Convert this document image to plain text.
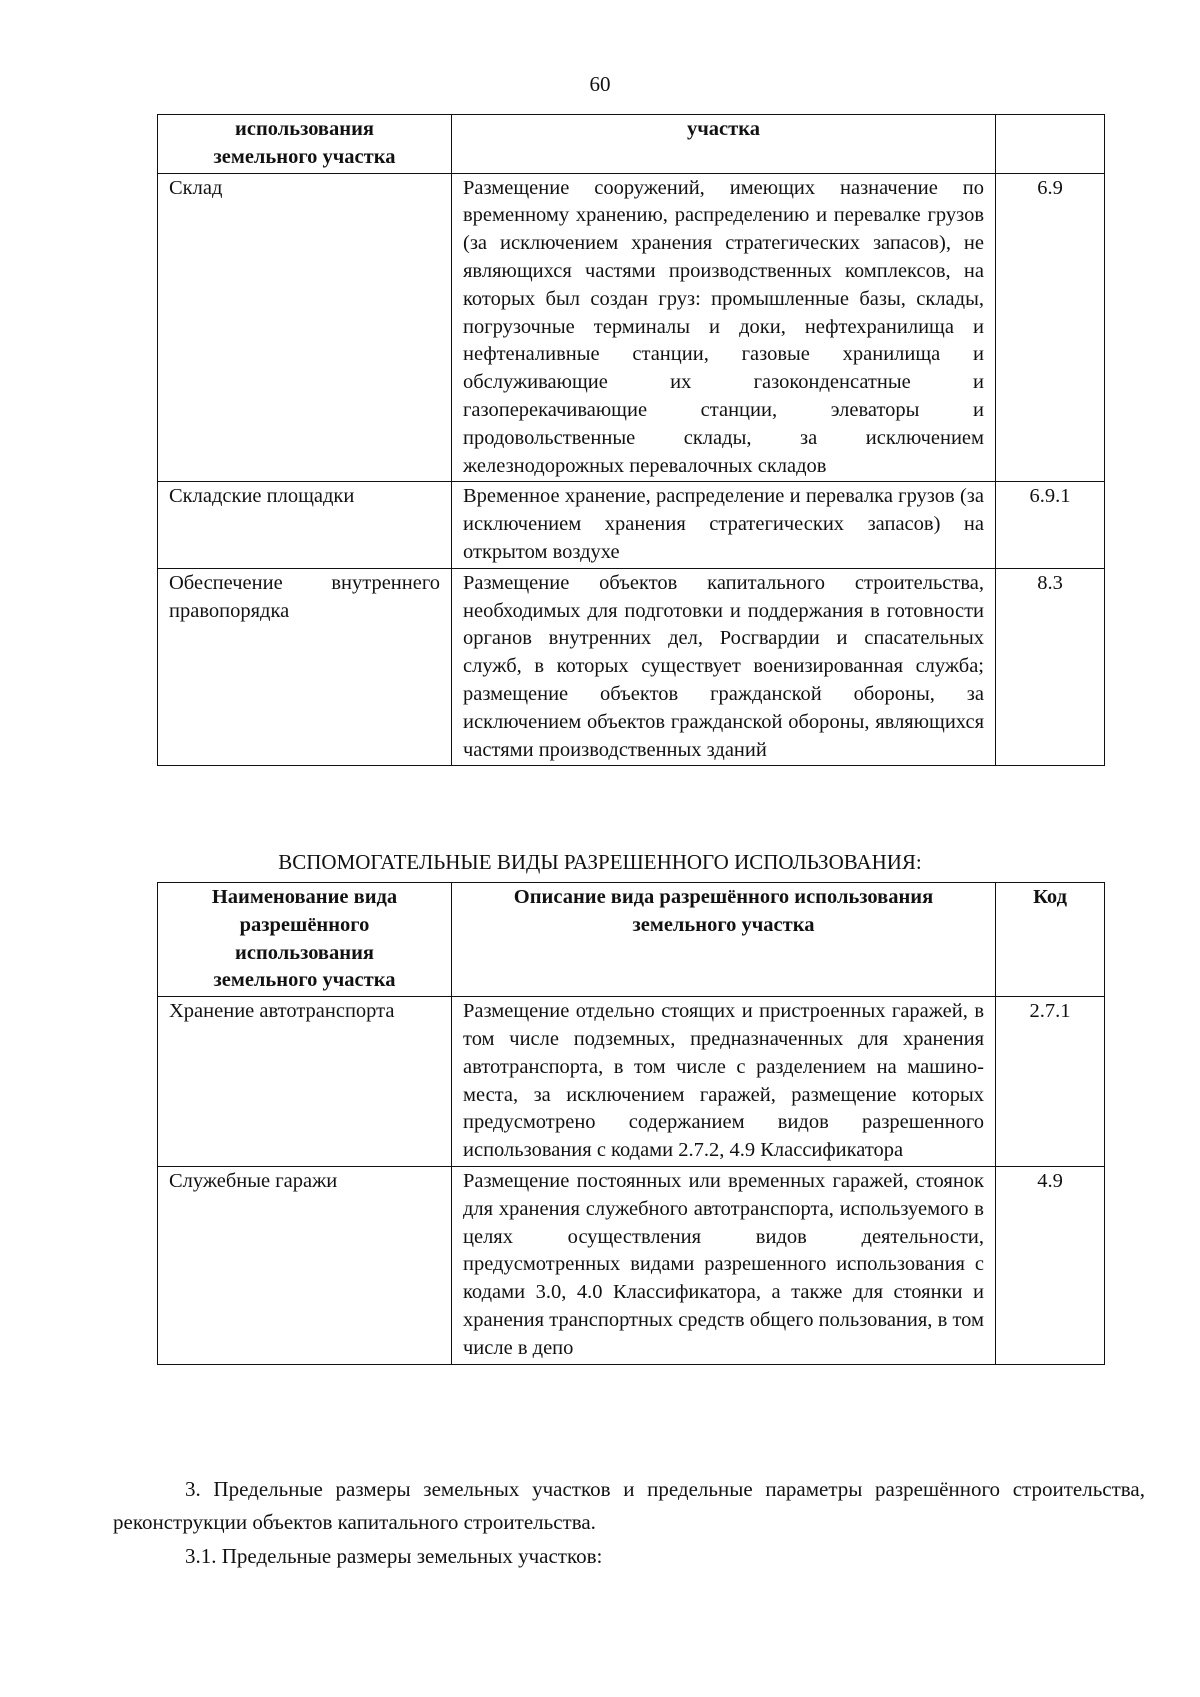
60
использования земельного участка	участка	
Склад	Размещение сооружений, имеющих назначение по временному хранению, распределению и перевалке грузов (за исключением хранения стратегических запасов), не являющихся частями производственных комплексов, на которых был создан груз: промышленные базы, склады, погрузочные терминалы и доки, нефтехранилища и нефтеналивные станции, газовые хранилища и обслуживающие их газоконденсатные и газоперекачивающие станции, элеваторы и продовольственные склады, за исключением железнодорожных перевалочных складов	6.9
Складские площадки	Временное хранение, распределение и перевалка грузов (за исключением хранения стратегических запасов) на открытом воздухе	6.9.1
Обеспечение внутреннего правопорядка	Размещение объектов капитального строительства, необходимых для подготовки и поддержания в готовности органов внутренних дел, Росгвардии и спасательных служб, в которых существует военизированная служба; размещение объектов гражданской обороны, за исключением объектов гражданской обороны, являющихся частями производственных зданий	8.3
ВСПОМОГАТЕЛЬНЫЕ ВИДЫ РАЗРЕШЕННОГО ИСПОЛЬЗОВАНИЯ:
Наименование вида разрешённого использования земельного участка	Описание вида разрешённого использования земельного участка	Код
Хранение автотранспорта	Размещение отдельно стоящих и пристроенных гаражей, в том числе подземных, предназначенных для хранения автотранспорта, в том числе с разделением на машино-места, за исключением гаражей, размещение которых предусмотрено содержанием видов разрешенного использования с кодами 2.7.2, 4.9 Классификатора	2.7.1
Служебные гаражи	Размещение постоянных или временных гаражей, стоянок для хранения служебного автотранспорта, используемого в целях осуществления видов деятельности, предусмотренных видами разрешенного использования с кодами 3.0, 4.0 Классификатора, а также для стоянки и хранения транспортных средств общего пользования, в том числе в депо	4.9
3. Предельные размеры земельных участков и предельные параметры разрешённого строительства, реконструкции объектов капитального строительства.
3.1. Предельные размеры земельных участков:
